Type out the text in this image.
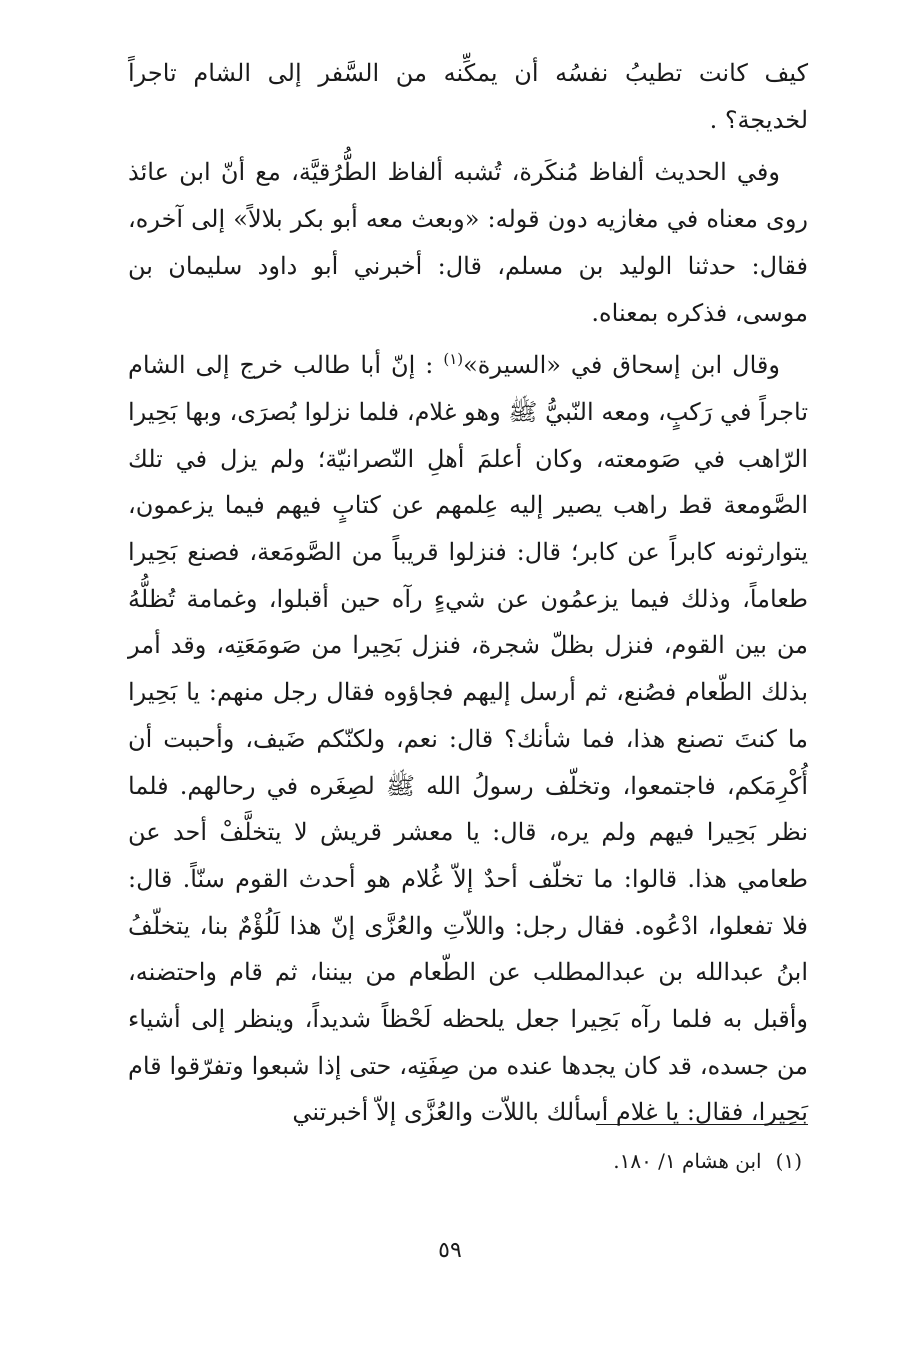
كيف كانت تطيبُ نفسُه أن يمكِّنه من السَّفر إلى الشام تاجراً لخديجة؟ .

وفي الحديث ألفاظ مُنكَرة، تُشبه ألفاظ الطُّرُقيَّة، مع أنّ ابن عائذ روى معناه في مغازيه دون قوله: «وبعث معه أبو بكر بلالاً» إلى آخره، فقال: حدثنا الوليد بن مسلم، قال: أخبرني أبو داود سليمان بن موسى، فذكره بمعناه.

وقال ابن إسحاق في «السيرة»$^{(١)}$ : إنّ أبا طالب خرج إلى الشام تاجراً في رَكبٍ، ومعه النّبيُّ ﷺ وهو غلام، فلما نزلوا بُصرَى، وبها بَحِيرا الرّاهب في صَومعته، وكان أعلمَ أهلِ النّصرانيّة؛ ولم يزل في تلك الصَّومعة قط راهب يصير إليه عِلمهم عن كتابٍ فيهم فيما يزعمون، يتوارثونه كابراً عن كابر؛ قال: فنزلوا قريباً من الصَّومَعة، فصنع بَحِيرا طعاماً، وذلك فيما يزعمُون عن شيءٍ رآه حين أقبلوا، وغمامة تُظلُّهُ من بين القوم، فنزل بظلّ شجرة، فنزل بَحِيرا من صَومَعَتِه، وقد أمر بذلك الطّعام فصُنع، ثم أرسل إليهم فجاؤوه فقال رجل منهم: يا بَحِيرا ما كنتَ تصنع هذا، فما شأنك؟ قال: نعم، ولكنّكم ضَيف، وأحببت أن أُكْرِمَكم، فاجتمعوا، وتخلّف رسولُ الله ﷺ لصِغَره في رحالهم. فلما نظر بَحِيرا فيهم ولم يره، قال: يا معشر قريش لا يتخلَّفْ أحد عن طعامي هذا. قالوا: ما تخلّف أحدٌ إلاّ غُلام هو أحدث القوم سنّاً. قال: فلا تفعلوا، ادْعُوه. فقال رجل: واللاّتِ والعُزَّى إنّ هذا لَلُؤْمٌ بنا، يتخلّفُ ابنُ عبدالله بن عبدالمطلب عن الطّعام من بيننا، ثم قام واحتضنه، وأقبل به فلما رآه بَحِيرا جعل يلحظه لَحْظاً شديداً، وينظر إلى أشياء من جسده، قد كان يجدها عنده من صِفَتِه، حتى إذا شبعوا وتفرّقوا قام بَحِيرا، فقال: يا غلام أسألك باللاّت والعُزَّى إلاّ أخبرتني

(١)ابن هشام ١/ ١٨٠.
٥٩
